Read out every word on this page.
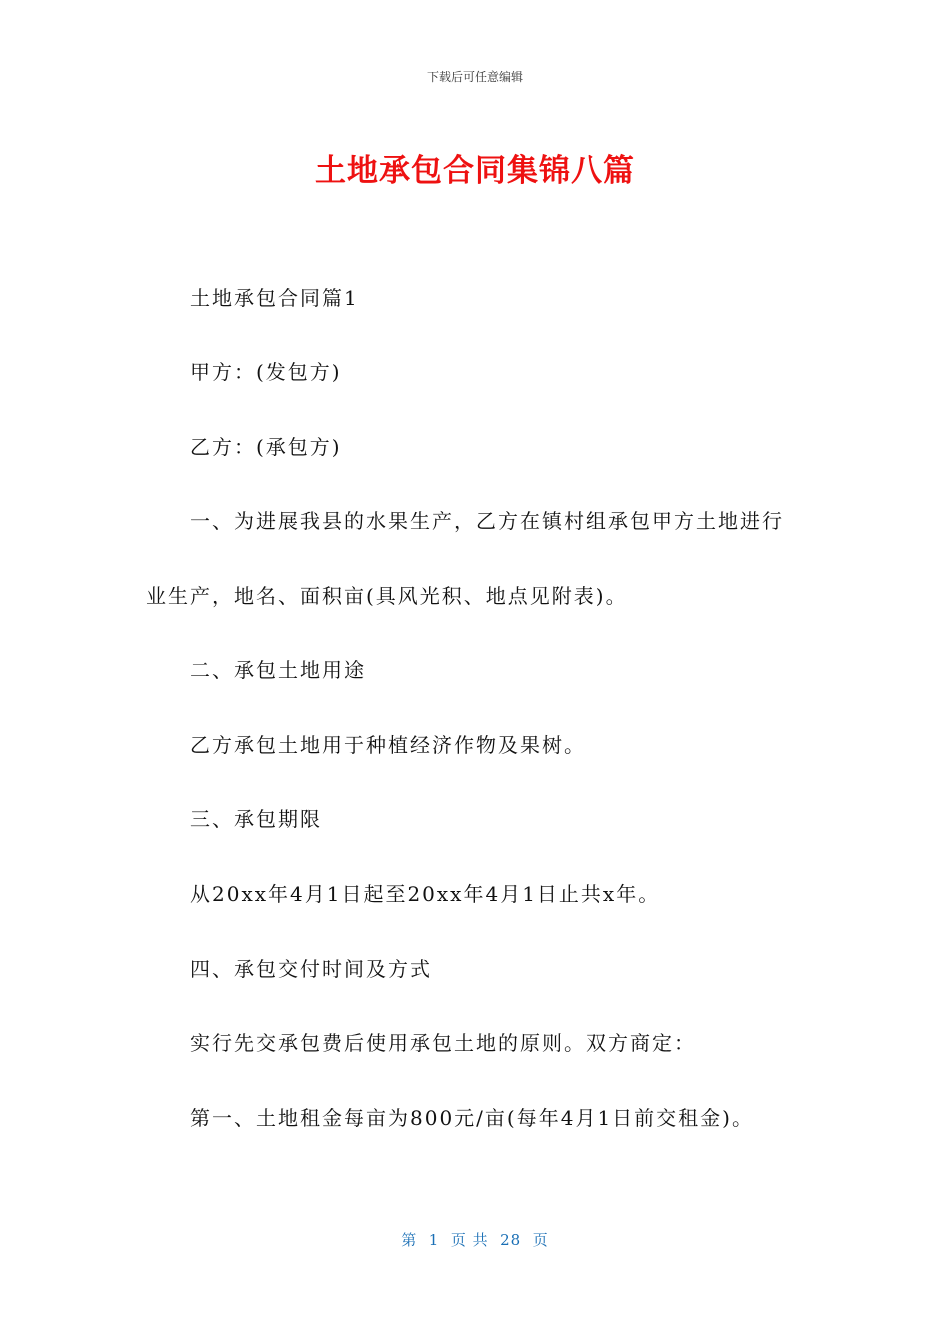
下载后可任意编辑
土地承包合同集锦八篇
土地承包合同篇1
甲方：(发包方)
乙方：(承包方)
一、为进展我县的水果生产，乙方在镇村组承包甲方土地进行
业生产，地名、面积亩(具风光积、地点见附表)。
二、承包土地用途
乙方承包土地用于种植经济作物及果树。
三、承包期限
从20xx年4月1日起至20xx年4月1日止共x年。
四、承包交付时间及方式
实行先交承包费后使用承包土地的原则。双方商定：
第一、土地租金每亩为800元/亩(每年4月1日前交租金)。
第  1  页 共  28  页
